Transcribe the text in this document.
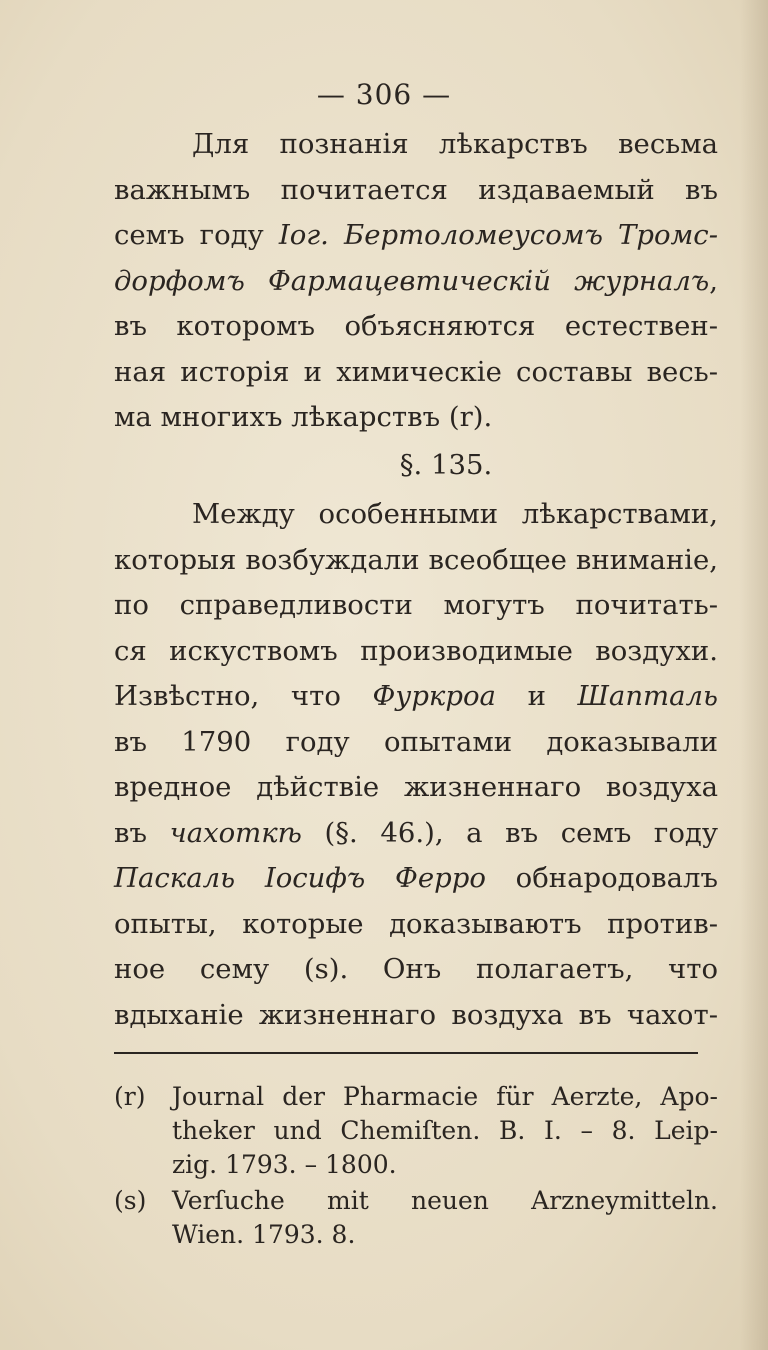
— 306 —
Для познанія лѣкарствъ весьма
важнымъ почитается издаваемый въ
семъ году Іог. Бертоломеусомъ Тромс-
дорфомъ Фармацевтическій журналъ,
въ которомъ объясняются естествен-
ная исторія и химическіе составы весь-
ма многихъ лѣкарствъ (r).
§. 135.
Между особенными лѣкарствами,
которыя возбуждали всеобщее вниманіе,
по справедливости могутъ почитать-
ся искуствомъ производимые воздухи.
Извѣстно, что Фуркроа и Шапталь
въ 1790 году опытами доказывали
вредное дѣйствіе жизненнаго воздуха
въ чахоткѣ (§. 46.), а въ семъ году
Паскаль Іосифъ Ферро обнародовалъ
опыты, которые доказываютъ против-
ное сему (s). Онъ полагаетъ, что
вдыханіе жизненнаго воздуха въ чахот-
(r)	Journal der Pharmacie für Aerzte, Apo-
theker und Chemiſten. B. I. – 8. Leip-
zig. 1793. – 1800.
(s)	Verſuche mit neuen Arzneymitteln.
Wien. 1793. 8.
